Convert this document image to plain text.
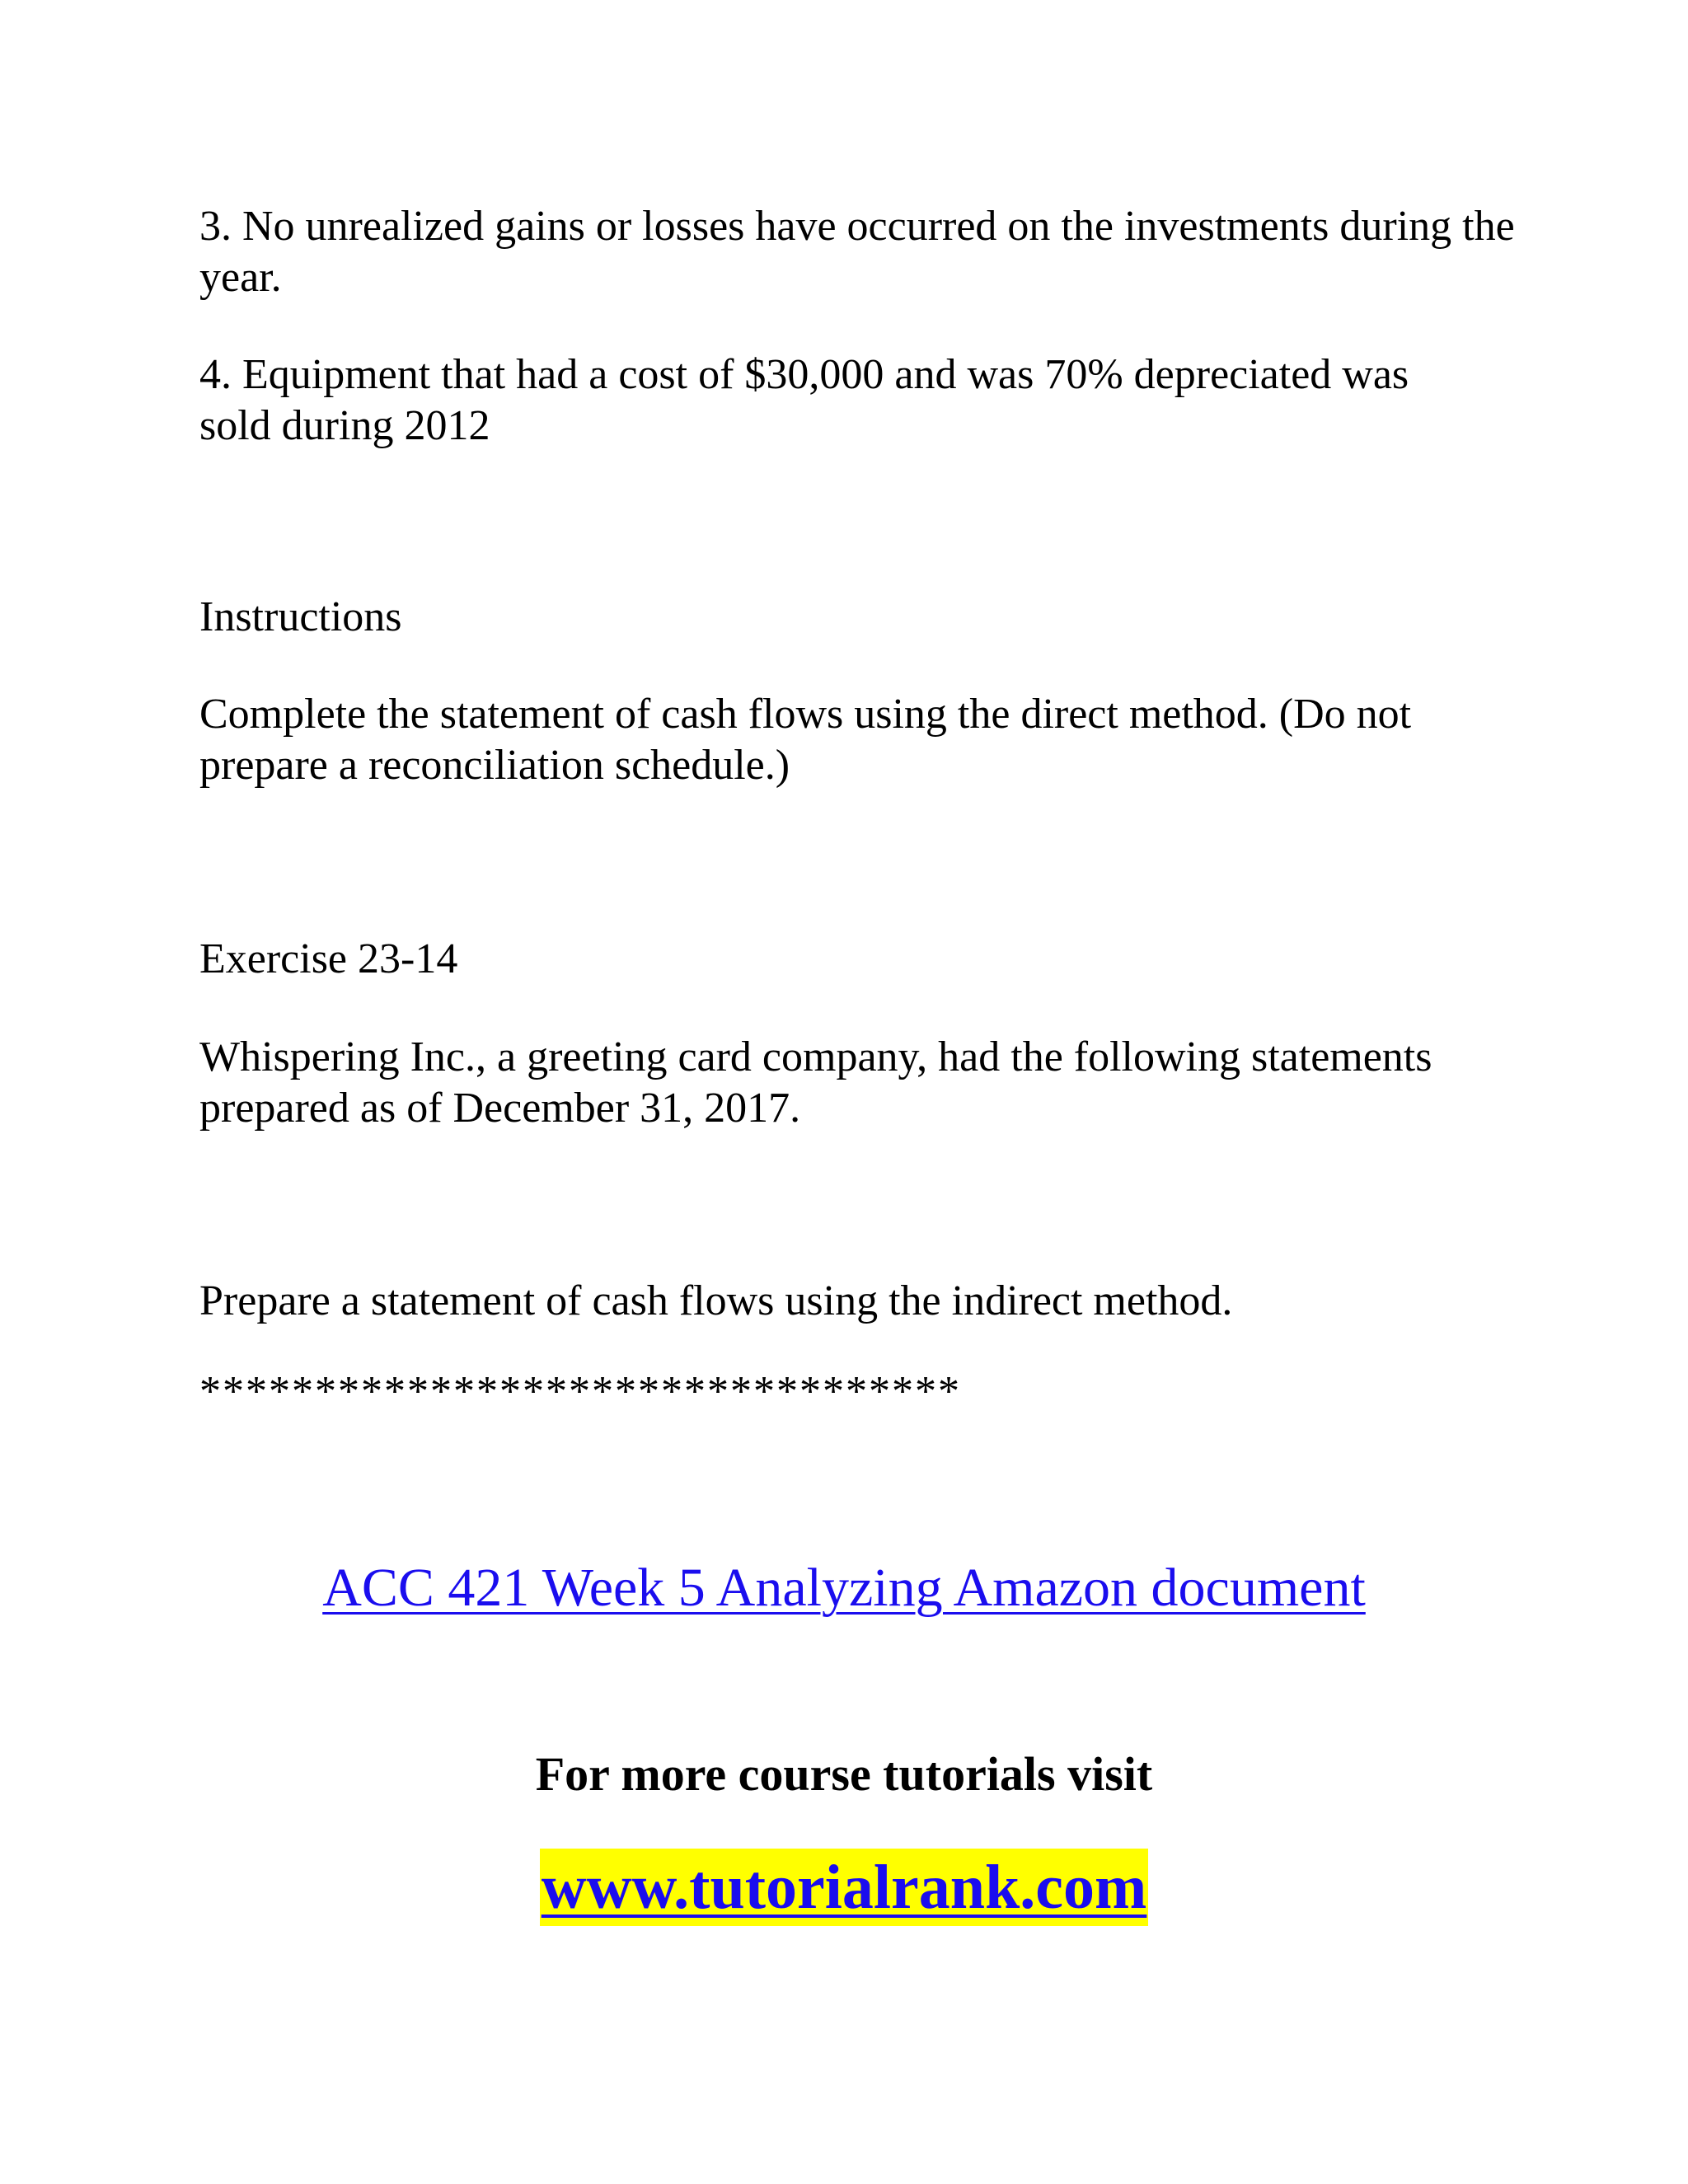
3. No unrealized gains or losses have occurred on the investments during the year.

4. Equipment that had a cost of $30,000 and was 70% depreciated was sold during 2012

Instructions

Complete the statement of cash flows using the direct method. (Do not prepare a reconciliation schedule.)

Exercise 23-14

Whispering Inc., a greeting card company, had the following statements prepared as of December 31, 2017.

Prepare a statement of cash flows using the indirect method.

*********************************

ACC 421 Week 5 Analyzing Amazon document

For more course tutorials visit

www.tutorialrank.com
